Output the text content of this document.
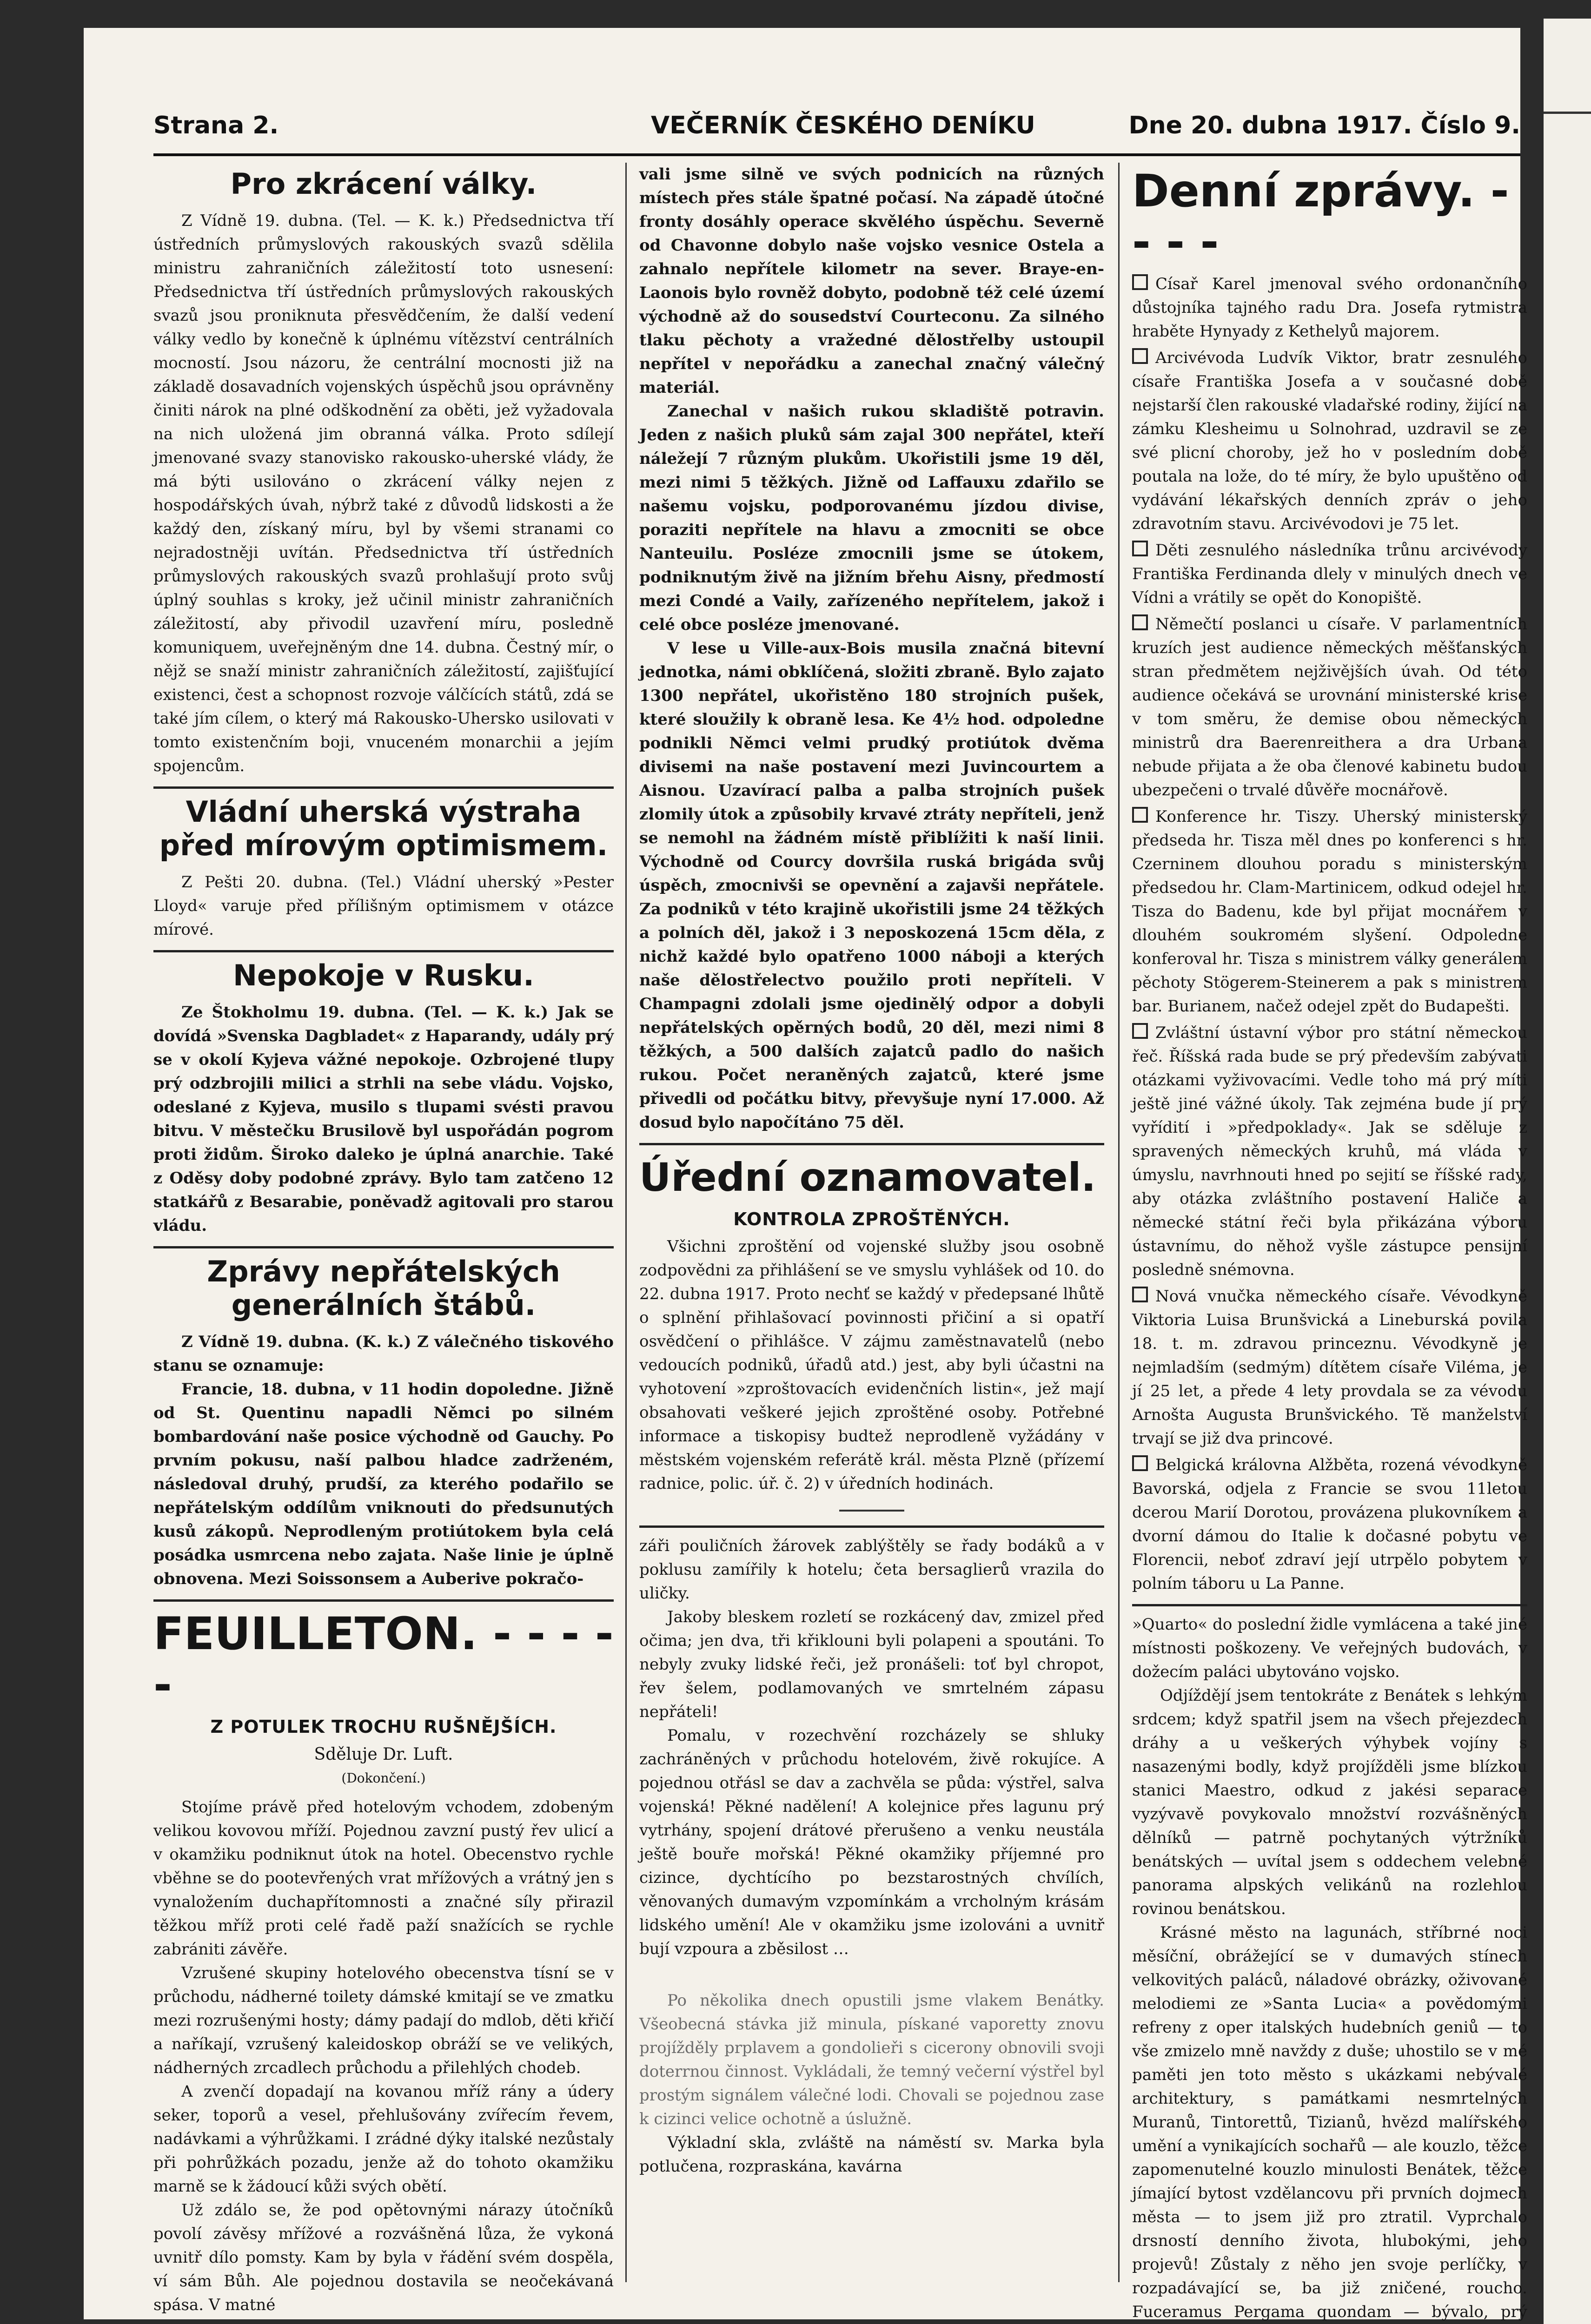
Strana 2.	VEČERNÍK ČESKÉHO DENÍKU	Dne 20. dubna 1917. Číslo 9.
Pro zkrácení války.

Z Vídně 19. dubna. (Tel. — K. k.) Předsednictva tří ústředních průmyslových rakouských svazů sdělila ministru zahraničních záležitostí toto usnesení: Předsednictva tří ústředních průmyslových rakouských svazů jsou proniknuta přesvědčením, že další vedení války vedlo by konečně k úplnému vítězství centrálních mocností. Jsou názoru, že centrální mocnosti již na základě dosavadních vojenských úspěchů jsou oprávněny činiti nárok na plné odškodnění za oběti, jež vyžadovala na nich uložená jim obranná válka. Proto sdílejí jmenované svazy stanovisko rakousko-uherské vlády, že má býti usilováno o zkrácení války nejen z hospodářských úvah, nýbrž také z důvodů lidskosti a že každý den, získaný míru, byl by všemi stranami co nejradostněji uvítán. Předsednictva tří ústředních průmyslových rakouských svazů prohlašují proto svůj úplný souhlas s kroky, jež učinil ministr zahraničních záležitostí, aby přivodil uzavření míru, posledně komuniquem, uveřejněným dne 14. dubna. Čestný mír, o nějž se snaží ministr zahraničních záležitostí, zajišťující existenci, čest a schopnost rozvoje válčících států, zdá se také jím cílem, o který má Rakousko-Uhersko usilovati v tomto existenčním boji, vnuceném monarchii a jejím spojencům.

Vládní uherská výstraha před mírovým optimismem.

Z Pešti 20. dubna. (Tel.) Vládní uherský »Pester Lloyd« varuje před přílišným optimismem v otázce mírové.

Nepokoje v Rusku.

Ze Štokholmu 19. dubna. (Tel. — K. k.) Jak se dovídá »Svenska Dagbladet« z Haparandy, udály prý se v okolí Kyjeva vážné nepokoje. Ozbrojené tlupy prý odzbrojili milici a strhli na sebe vládu. Vojsko, odeslané z Kyjeva, musilo s tlupami svésti pravou bitvu. V městečku Brusilově byl uspořádán pogrom proti židům. Široko daleko je úplná anarchie. Také z Oděsy doby podobné zprávy. Bylo tam zatčeno 12 statkářů z Besarabie, poněvadž agitovali pro starou vládu.

Zprávy nepřátelských generálních štábů.

Z Vídně 19. dubna. (K. k.) Z válečného tiskového stanu se oznamuje:

Francie, 18. dubna, v 11 hodin dopoledne. Jižně od St. Quentinu napadli Němci po silném bombardování naše posice východně od Gauchy. Po prvním pokusu, naší palbou hladce zadrženém, následoval druhý, prudší, za kterého podařilo se nepřátelským oddílům vniknouti do předsunutých kusů zákopů. Neprodleným protiútokem byla celá posádka usmrcena nebo zajata. Naše linie je úplně obnovena. Mezi Soissonsem a Auberive pokračo-

FEUILLETON. - - - - -
Z POTULEK TROCHU RUŠNĚJŠÍCH.
Sděluje Dr. Luft.
(Dokončení.)

Stojíme právě před hotelovým vchodem, zdobeným velikou kovovou mříží. Pojednou zavzní pustý řev ulicí a v okamžiku podniknut útok na hotel. Obecenstvo rychle vběhne se do pootevřených vrat mřížových a vrátný jen s vynaložením duchapřítomnosti a značné síly přirazil těžkou mříž proti celé řadě paží snažících se rychle zabrániti závěře.

Vzrušené skupiny hotelového obecenstva tísní se v průchodu, nádherné toilety dámské kmitají se ve zmatku mezi rozrušenými hosty; dámy padají do mdlob, děti křičí a naříkají, vzrušený kaleidoskop obráží se ve velikých, nádherných zrcadlech průchodu a přilehlých chodeb.

A zvenčí dopadají na kovanou mříž rány a údery seker, toporů a vesel, přehlušovány zvířecím řevem, nadávkami a výhrůžkami. I zrádné dýky italské nezůstaly při pohrůžkách pozadu, jenže až do tohoto okamžiku marně se k žádoucí kůži svých obětí.

Už zdálo se, že pod opětovnými nárazy útočníků povolí závěsy mřížové a rozvášněná lůza, že vykoná uvnitř dílo pomsty. Kam by byla v řádění svém dospěla, ví sám Bůh. Ale pojednou dostavila se neočekávaná spása. V matné

vali jsme silně ve svých podnicích na různých místech přes stále špatné počasí. Na západě útočné fronty dosáhly operace skvělého úspěchu. Severně od Chavonne dobylo naše vojsko vesnice Ostela a zahnalo nepřítele kilometr na sever. Braye-en-Laonois bylo rovněž dobyto, podobně též celé území východně až do sousedství Courteconu. Za silného tlaku pěchoty a vražedné dělostřelby ustoupil nepřítel v nepořádku a zanechal značný válečný materiál.

Zanechal v našich rukou skladiště potravin. Jeden z našich pluků sám zajal 300 nepřátel, kteří náležejí 7 různým plukům. Ukořistili jsme 19 děl, mezi nimi 5 těžkých. Jižně od Laffauxu zdařilo se našemu vojsku, podporovanému jízdou divise, poraziti nepřítele na hlavu a zmocniti se obce Nanteuilu. Posléze zmocnili jsme se útokem, podniknutým živě na jižním břehu Aisny, předmostí mezi Condé a Vaily, zařízeného nepřítelem, jakož i celé obce posléze jmenované.

V lese u Ville-aux-Bois musila značná bitevní jednotka, námi obklíčená, složiti zbraně. Bylo zajato 1300 nepřátel, ukořistěno 180 strojních pušek, které sloužily k obraně lesa. Ke 4½ hod. odpoledne podnikli Němci velmi prudký protiútok dvěma divisemi na naše postavení mezi Juvincourtem a Aisnou. Uzavírací palba a palba strojních pušek zlomily útok a způsobily krvavé ztráty nepříteli, jenž se nemohl na žádném místě přiblížiti k naší linii. Východně od Courcy dovršila ruská brigáda svůj úspěch, zmocnivši se opevnění a zajavši nepřátele. Za podniků v této krajině ukořistili jsme 24 těžkých a polních děl, jakož i 3 neposkozená 15cm děla, z nichž každé bylo opatřeno 1000 náboji a kterých naše dělostřelectvo použilo proti nepříteli. V Champagni zdolali jsme ojedinělý odpor a dobyli nepřátelských opěrných bodů, 20 děl, mezi nimi 8 těžkých, a 500 dalších zajatců padlo do našich rukou. Počet neraněných zajatců, které jsme přivedli od počátku bitvy, převyšuje nyní 17.000. Až dosud bylo napočítáno 75 děl.

Úřední oznamovatel.
KONTROLA ZPROŠTĚNÝCH.

Všichni zproštění od vojenské služby jsou osobně zodpovědni za přihlášení se ve smyslu vyhlášek od 10. do 22. dubna 1917. Proto nechť se každý v předepsané lhůtě o splnění přihlašovací povinnosti přičiní a si opatří osvědčení o přihlášce. V zájmu zaměstnavatelů (nebo vedoucích podniků, úřadů atd.) jest, aby byli účastni na vyhotovení »zproštovacích evidenčních listin«, jež mají obsahovati veškeré jejich zproštěné osoby. Potřebné informace a tiskopisy budtež neprodleně vyžádány v městském vojenském referátě král. města Plzně (přízemí radnice, polic. úř. č. 2) v úředních hodinách.

záři pouličních žárovek zablýštěly se řady bodáků a v poklusu zamířily k hotelu; četa bersaglierů vrazila do uličky.

Jakoby bleskem rozletí se rozkácený dav, zmizel před očima; jen dva, tři křiklouni byli polapeni a spoutáni. To nebyly zvuky lidské řeči, jež pronášeli: toť byl chropot, řev šelem, podlamovaných ve smrtelném zápasu nepřáteli!

Pomalu, v rozechvění rozcházely se shluky zachráněných v průchodu hotelovém, živě rokujíce. A pojednou otřásl se dav a zachvěla se půda: výstřel, salva vojenská! Pěkné nadělení! A kolejnice přes lagunu prý vytrhány, spojení drátové přerušeno a venku neustála ještě bouře mořská! Pěkné okamžiky příjemné pro cizince, dychtícího po bezstarostných chvílích, věnovaných dumavým vzpomínkám a vrcholným krásám lidského umění! Ale v okamžiku jsme izolováni a uvnitř bují vzpoura a zběsilost …

Po několika dnech opustili jsme vlakem Benátky. Všeobecná stávka již minula, pískané vaporetty znovu projížděly prplavem a gondolieři s cicerony obnovili svoji doterrnou činnost. Vykládali, že temný večerní výstřel byl prostým signálem válečné lodi. Chovali se pojednou zase k cizinci velice ochotně a úslužně.

Výkladní skla, zvláště na náměstí sv. Marka byla potlučena, rozpraskána, kavárna

Denní zprávy. - - - -

Císař Karel jmenoval svého ordonančního důstojníka tajného radu Dra. Josefa rytmistra hraběte Hynyady z Kethelyů majorem.

Arcivévoda Ludvík Viktor, bratr zesnulého císaře Františka Josefa a v současné době nejstarší člen rakouské vladařské rodiny, žijící na zámku Klesheimu u Solnohrad, uzdravil se ze své plicní choroby, jež ho v posledním době poutala na lože, do té míry, že bylo upuštěno od vydávání lékařských denních zpráv o jeho zdravotním stavu. Arcivévodovi je 75 let.

Děti zesnulého následníka trůnu arcivévody Františka Ferdinanda dlely v minulých dnech ve Vídni a vrátily se opět do Konopiště.

Němečtí poslanci u císaře. V parlamentních kruzích jest audience německých měšťanských stran předmětem nejživějších úvah. Od této audience očekává se urovnání ministerské krise v tom směru, že demise obou německých ministrů dra Baerenreithera a dra Urbana nebude přijata a že oba členové kabinetu budou ubezpečeni o trvalé důvěře mocnářově.

Konference hr. Tiszy. Uherský ministerský předseda hr. Tisza měl dnes po konferenci s hr. Czerninem dlouhou poradu s ministerským předsedou hr. Clam-Martinicem, odkud odejel hr. Tisza do Badenu, kde byl přijat mocnářem v dlouhém soukromém slyšení. Odpoledne konferoval hr. Tisza s ministrem války generálem pěchoty Stögerem-Steinerem a pak s ministrem bar. Burianem, načež odejel zpět do Budapešti.

Zvláštní ústavní výbor pro státní německou řeč. Říšská rada bude se prý především zabývati otázkami vyživovacími. Vedle toho má prý míti ještě jiné vážné úkoly. Tak zejména bude jí prý vyřídití i »předpoklady«. Jak se sděluje z spravených německých kruhů, má vláda v úmyslu, navrhnouti hned po sejití se říšské rady, aby otázka zvláštního postavení Haliče a německé státní řeči byla přikázána výboru ústavnímu, do něhož vyšle zástupce pensijní posledně snémovna.

Nová vnučka německého císaře. Vévodkyně Viktoria Luisa Brunšvická a Lineburská povila 18. t. m. zdravou princeznu. Vévodkyně je nejmladším (sedmým) dítětem císaře Viléma, je jí 25 let, a přede 4 lety provdala se za vévodu Arnošta Augusta Brunšvického. Tě manželství trvají se již dva princové.

Belgická královna Alžběta, rozená vévodkyně Bavorská, odjela z Francie se svou 11letou dcerou Marií Dorotou, provázena plukovníkem a dvorní dámou do Italie k dočasné pobytu ve Florencii, neboť zdraví její utrpělo pobytem v polním táboru u La Panne.

»Quarto« do poslední židle vymlácena a také jiné místnosti poškozeny. Ve veřejných budovách, v dožecím paláci ubytováno vojsko.

Odjíždějí jsem tentokráte z Benátek s lehkým srdcem; když spatřil jsem na všech přejezdech dráhy a u veškerých výhybek vojíny s nasazenými bodly, když projížděli jsme blízkou stanici Maestro, odkud z jakési separace vyzývavě povykovalo množství rozvášněných dělníků — patrně pochytaných výtržníků benátských — uvítal jsem s oddechem velebné panorama alpských velikánů na rozlehlou rovinou benátskou.

Krásné město na lagunách, stříbrné noci měsíční, obrážející se v dumavých stínech velkovitých paláců, náladové obrázky, oživované melodiemi ze »Santa Lucia« a povědomými refreny z oper italských hudebních geniů — to vše zmizelo mně navždy z duše; uhostilo se v mé paměti jen toto město s ukázkami nebývalé architektury, s památkami nesmrtelných Muranů, Tintorettů, Tizianů, hvězd malířského umění a vynikajících sochařů — ale kouzlo, těžce zapomenutelné kouzlo minulosti Benátek, těžce jímající bytost vzdělancovu při prvních dojmech města — to jsem již pro ztratil. Vyprchalo drsností denního života, hlubokými, jeho projevů! Zůstaly z něho jen svoje perlíčky, v rozpadávající se, ba již zničené, roucho. Fuceramus Pergama quondam — bývalo, prý
